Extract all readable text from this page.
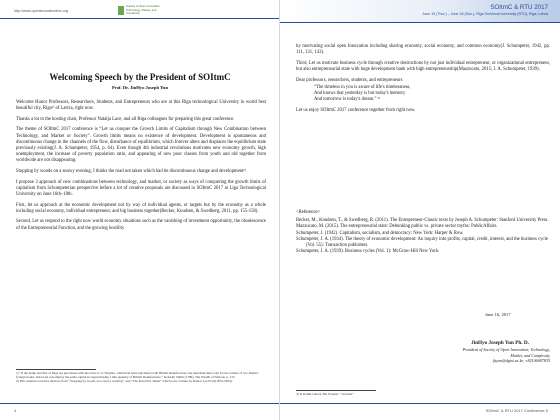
http://www.openinnovationtmc.org
Society of Open Innovation Technology, Market, and Complexity
Welcoming Speech by the President of SOItmC
Prof. Dr. JinHyo Joseph Yun

Welcome Honor Professors, Researchers, Students, and Entrepreneurs who are at this Riga technological University in world best beautiful city, Riga¹⁾ of Latvia, right now.

Thanks a lot to the hosting chair, Professor Natalja Lace, and all Riga colleagues for preparing this great conference.

The theme of SOItmC 2017 conference is “Let us conquer the Growth Limits of Capitalism through New Combination between Technology, and Market or Society”. Growth limits means no existence of development. Development is spontaneous and discontinuous change in the channels of the flow, disturbance of equilibrium, which forever alters and displaces the equilibrium state previously existing(J. A. Schumpeter, 1954, p. 64). Even though 4th industrial revolutions motivates new economy growth, high unemployment, the increase of poverty population ratio, and appearing of new poor classes from youth and old together from worldwide are not disappearing.

Stopping by woods on a snowy evening, I thinks the road not taken which had be discontinuous change and development²⁾.

I propose 3 approach of new combinations between technology, and market, or society as ways of conquering the growth limits of capitalism from Schumpeterian perspective before a lot of creative proposals are discussed in SOItmC 2017 at Liga Technological University on June 16th–18th.

First, let us approach at the economic development not by way of individual agents, or targets but by the economy as a whole including social economy, individual entrepreneur, and big business together(Becker, Knudsen, & Swedberg, 2011, pp. 155-158).

Second, Let us respond to the right now world economy situations such as the vanishing of investment opportunity, the obsolescence of the Entrepreneurial Function, and the growing hostility

1) “if the hemp and flax of Riga are purchased with the tobacco of Virginia, which had been purchased with British manufactures, the merchant must wait for the returns of two distinct foreign trades, before he can employ the same capital in respurchasing a like quantity of British manufactures.” In Adam Smith (1789). The Wealth of Nations. p. 213
2) This sentence receives motives from “Stopping by woods on a snowy evening”, and “The Road Not Taken” which were written by Robert Lee Frost(1874-1963).
4
SOItmC & RTU 2017
June 15 (Thur.) – June 18 (Sun.), Riga Technical University (RTU), Riga, Latvia

by motivating social open Innovation including sharing economy, social economy, and common economy(J. Schumpeter, 1942, pp. 111, 131, 143).

Third, Let us motivate business cycle through creative destructions by not just individual entrepreneur, or organizational entrepreneur, but also entrepreneurial state with huge development bank with high entrepreneurship(Mazzucato, 2015; J. A. Schumpeter, 1939).

Dear professors, researchers, students, and entrepreneurs

“The timeless in you is aware of life's timelessness,
And knows that yesterday is but today's memory
And tomorrow is today's dream.” ³⁾

Let us enjoy SOItmC 2017 conference together from right now.

<Reference>
Becker, M., Knudsen, T., & Swedberg, R. (2011). The Entrepreneur-Classic texts by Joseph A. Schumpeter: Stanford University Press.
Mazzucato, M. (2015). The entrepreneurial state: Debunking public vs. private sector myths: PublicAffairs.
Schumpeter, J. (1942). Capitalism, socialism, and democracy: New York: Harper & Row.
Schumpeter, J. A. (1934). The theory of economic development: An inquiry into profits, capital, credit, interest, and the business cycle (Vol. 55): Transaction publishers.
Schumpeter, J. A. (1939). Business cycles (Vol. 1): McGraw-Hill New York.
June 16, 2017
JinHyo Joseph Yun Ph. D.
President of Society of Open Innovation; Technology, Market, and Complexity
jhyun@dgist.ac.kr, +82106697835
3) In Kahlil Gibran The Prophet “ On time”
SOItmC & RTU 2017 Conference 5
